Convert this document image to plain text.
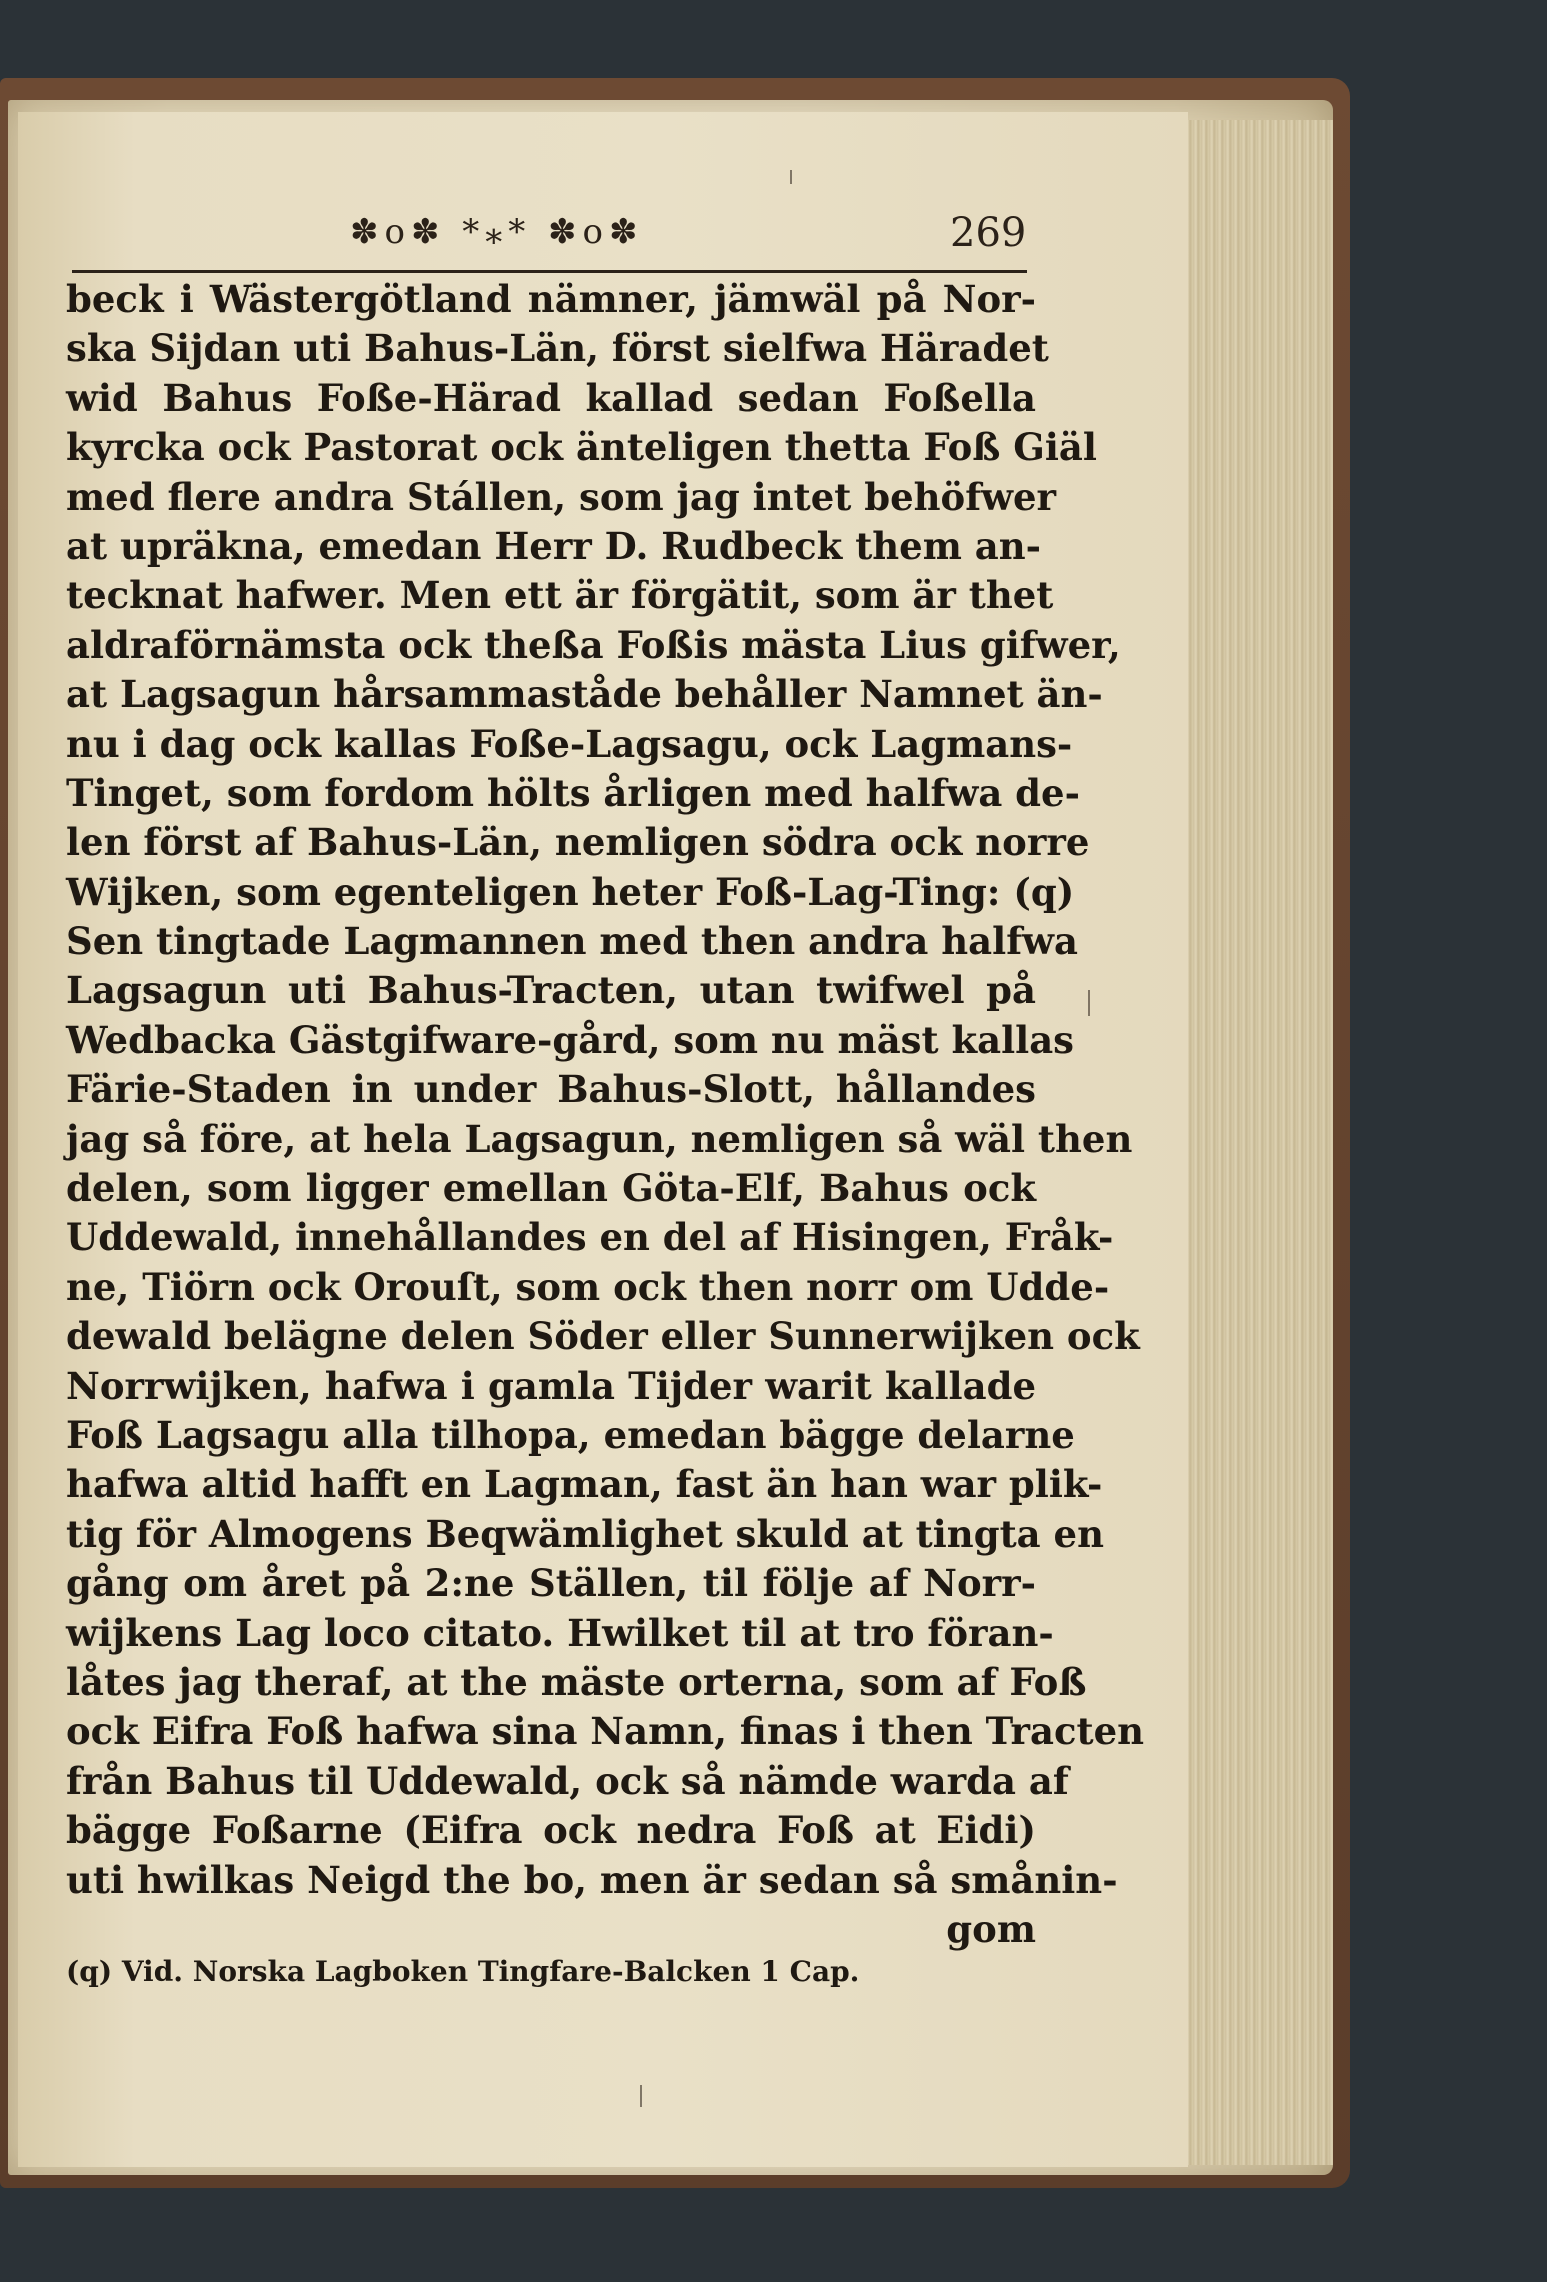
✽o✽ *⁎* ✽o✽	269
beck i Wästergötland nämner, jämwäl på Nor-
ska Sijdan uti Bahus-Län, först sielfwa Häradet
wid Bahus Foße-Härad kallad sedan Foßella
kyrcka ock Pastorat ock änteligen thetta Foß Giäl
med flere andra Stállen, som jag intet behöfwer
at upräkna, emedan Herr D. Rudbeck them an-
tecknat hafwer. Men ett är förgätit, som är thet
aldraförnämsta ock theßa Foßis mästa Lius gifwer,
at Lagsagun hårsammaståde behåller Namnet än-
nu i dag ock kallas Foße-Lagsagu, ock Lagmans-
Tinget, som fordom hölts årligen med halfwa de-
len först af Bahus-Län, nemligen södra ock norre
Wijken, som egenteligen heter Foß-Lag-Ting: (q)
Sen tingtade Lagmannen med then andra halfwa
Lagsagun uti Bahus-Tracten, utan twifwel på
Wedbacka Gästgifware-gård, som nu mäst kallas
Färie-Staden in under Bahus-Slott, hållandes
jag så före, at hela Lagsagun, nemligen så wäl then
delen, som ligger emellan Göta-Elf, Bahus ock
Uddewald, innehållandes en del af Hisingen, Fråk-
ne, Tiörn ock Orouſt, som ock then norr om Udde-
dewald belägne delen Söder eller Sunnerwijken ock
Norrwijken, hafwa i gamla Tijder warit kallade
Foß Lagsagu alla tilhopa, emedan bägge delarne
hafwa altid hafft en Lagman, fast än han war plik-
tig för Almogens Beqwämlighet skuld at tingta en
gång om året på 2:ne Ställen, til följe af Norr-
wijkens Lag loco citato. Hwilket til at tro föran-
låtes jag theraf, at the mäste orterna, som af Foß
ock Eifra Foß hafwa sina Namn, finas i then Tracten
från Bahus til Uddewald, ock så nämde warda af
bägge Foßarne (Eifra ock nedra Foß at Eidi)
uti hwilkas Neigd the bo, men är sedan så smånin-
gom
(q) Vid. Norska Lagboken Tingfare-Balcken 1 Cap.
